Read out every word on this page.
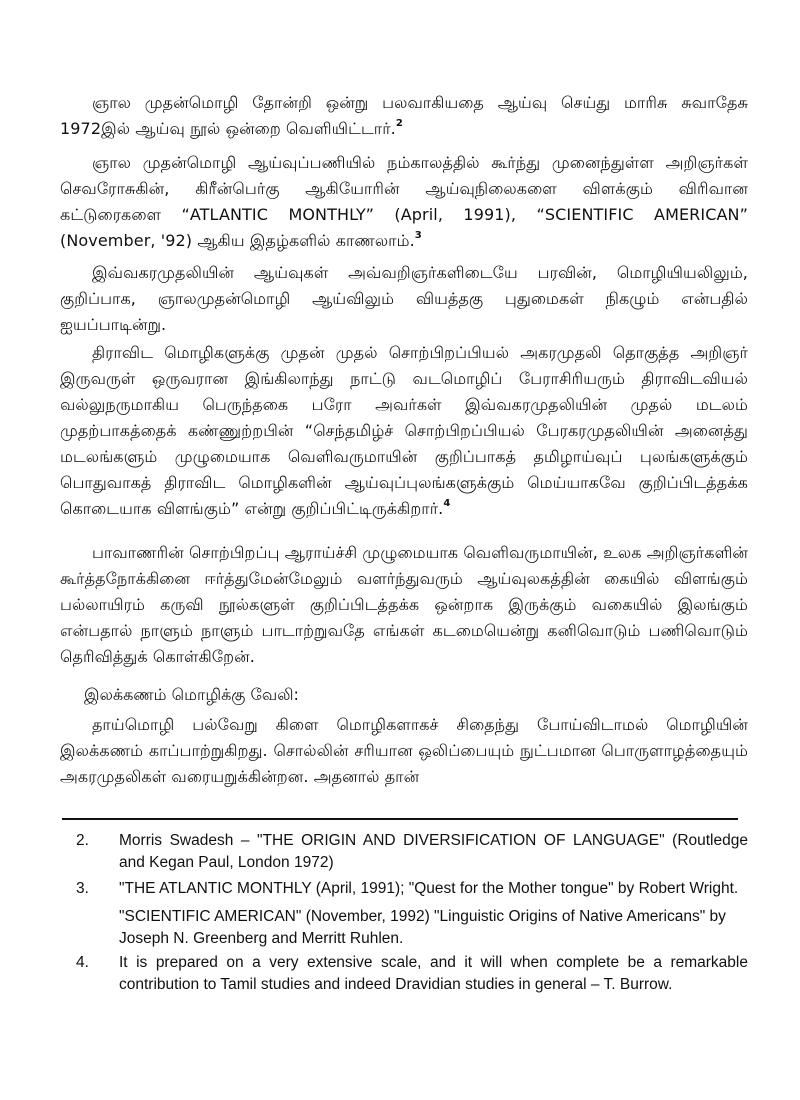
ஞால முதன்மொழி தோன்றி ஒன்று பலவாகியதை ஆய்வு செய்து மாரிசு சுவாதேசு 1972இல் ஆய்வு நூல் ஒன்றை வெளியிட்டார்.$^2$

ஞால முதன்மொழி ஆய்வுப்பணியில் நம்காலத்தில் கூர்ந்து முனைந்துள்ள அறிஞர்கள் செவரோசுகின், கிரீன்பெர்கு ஆகியோரின் ஆய்வுநிலைகளை விளக்கும் விரிவான கட்டுரைகளை “ATLANTIC MONTHLY” (April, 1991), “SCIENTIFIC AMERICAN” (November, '92) ஆகிய இதழ்களில் காணலாம்.$^3$

இவ்வகரமுதலியின் ஆய்வுகள் அவ்வறிஞர்களிடையே பரவின், மொழியியலிலும், குறிப்பாக, ஞாலமுதன்மொழி ஆய்விலும் வியத்தகு புதுமைகள் நிகழும் என்பதில் ஐயப்பாடின்று.

திராவிட மொழிகளுக்கு முதன் முதல் சொற்பிறப்பியல் அகரமுதலி தொகுத்த அறிஞர் இருவருள் ஒருவரான இங்கிலாந்து நாட்டு வடமொழிப் பேராசிரியரும் திராவிடவியல் வல்லுநருமாகிய பெருந்தகை பரோ அவர்கள் இவ்வகரமுதலியின் முதல் மடலம் முதற்பாகத்தைக் கண்ணுற்றபின் “செந்தமிழ்ச் சொற்பிறப்பியல் பேரகரமுதலியின் அனைத்து மடலங்களும் முழுமையாக வெளிவருமாயின் குறிப்பாகத் தமிழாய்வுப் புலங்களுக்கும் பொதுவாகத் திராவிட மொழிகளின் ஆய்வுப்புலங்களுக்கும் மெய்யாகவே குறிப்பிடத்தக்க கொடையாக விளங்கும்” என்று குறிப்பிட்டிருக்கிறார்.$^4$

பாவாணரின் சொற்பிறப்பு ஆராய்ச்சி முழுமையாக வெளிவருமாயின், உலக அறிஞர்களின் கூர்த்தநோக்கினை ஈர்த்துமேன்மேலும் வளர்ந்துவரும் ஆய்வுலகத்தின் கையில் விளங்கும் பல்லாயிரம் கருவி நூல்களுள் குறிப்பிடத்தக்க ஒன்றாக இருக்கும் வகையில் இலங்கும் என்பதால் நாளும் நாளும் பாடாற்றுவதே எங்கள் கடமையென்று கனிவொடும் பணிவொடும் தெரிவித்துக் கொள்கிறேன்.

இலக்கணம் மொழிக்கு வேலி:

தாய்மொழி பல்வேறு கிளை மொழிகளாகச் சிதைந்து போய்விடாமல் மொழியின் இலக்கணம் காப்பாற்றுகிறது. சொல்லின் சரியான ஒலிப்பையும் நுட்பமான பொருளாழத்தையும் அகரமுதலிகள் வரையறுக்கின்றன. அதனால் தான்

2.	Morris Swadesh – "THE ORIGIN AND DIVERSIFICATION OF LANGUAGE" (Routledge and Kegan Paul, London 1972)
3.	"THE ATLANTIC MONTHLY (April, 1991); "Quest for the Mother tongue" by Robert Wright.
"SCIENTIFIC AMERICAN" (November, 1992) "Linguistic Origins of Native Americans" by Joseph N. Greenberg and Merritt Ruhlen.
4.	It is prepared on a very extensive scale, and it will when complete be a remarkable contribution to Tamil studies and indeed Dravidian studies in general – T. Burrow.
